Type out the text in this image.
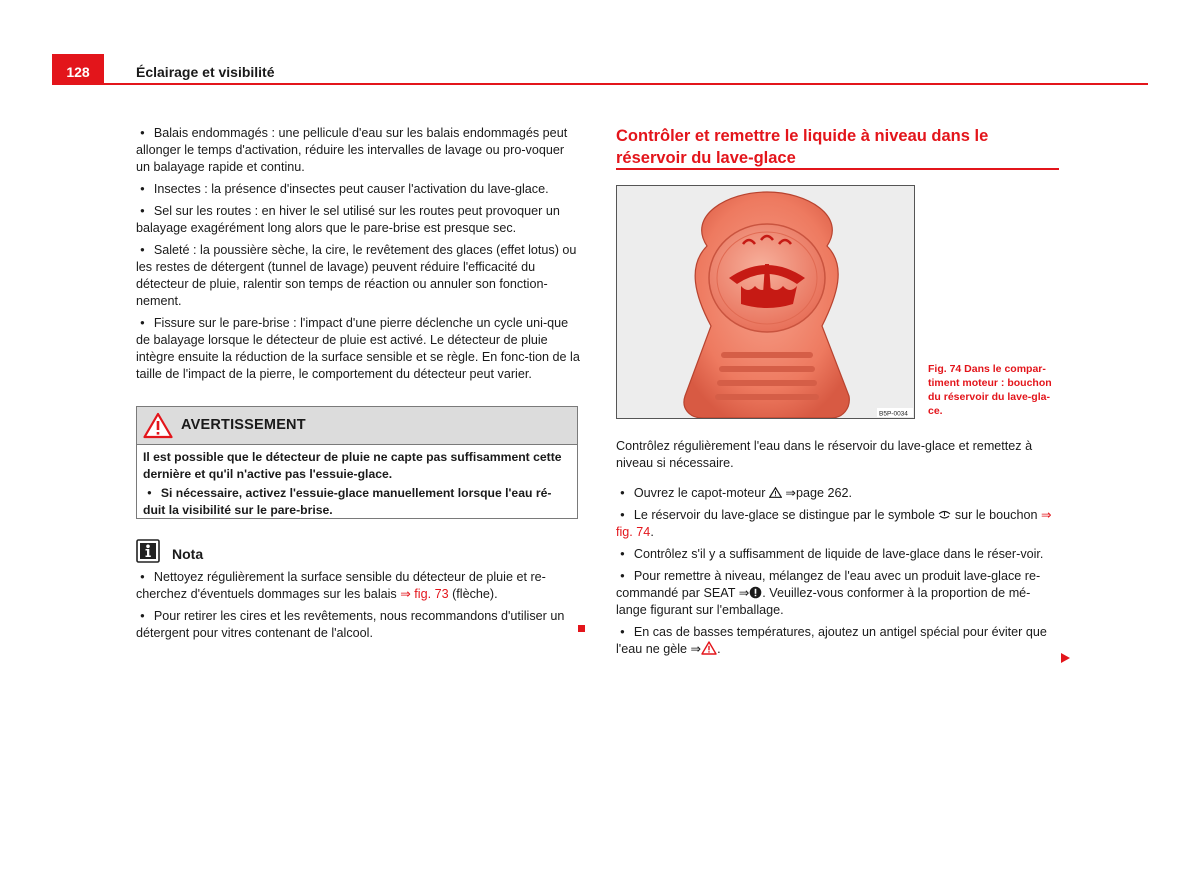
128	Éclairage et visibilité

● Balais endommagés : une pellicule d'eau sur les balais endommagés peut allonger le temps d'activation, réduire les intervalles de lavage ou pro-voquer un balayage rapide et continu.

● Insectes : la présence d'insectes peut causer l'activation du lave-glace.

● Sel sur les routes : en hiver le sel utilisé sur les routes peut provoquer un balayage exagérément long alors que le pare-brise est presque sec.

● Saleté : la poussière sèche, la cire, le revêtement des glaces (effet lotus) ou les restes de détergent (tunnel de lavage) peuvent réduire l'efficacité du détecteur de pluie, ralentir son temps de réaction ou annuler son fonction-nement.

● Fissure sur le pare-brise : l'impact d'une pierre déclenche un cycle uni-que de balayage lorsque le détecteur de pluie est activé. Le détecteur de pluie intègre ensuite la réduction de la surface sensible et se règle. En fonc-tion de la taille de l'impact de la pierre, le comportement du détecteur peut varier.

AVERTISSEMENT

Il est possible que le détecteur de pluie ne capte pas suffisamment cette dernière et qu'il n'active pas l'essuie-glace.

● Si nécessaire, activez l'essuie-glace manuellement lorsque l'eau ré-duit la visibilité sur le pare-brise.

Nota

● Nettoyez régulièrement la surface sensible du détecteur de pluie et re-cherchez d'éventuels dommages sur les balais ⇒ fig. 73 (flèche).

● Pour retirer les cires et les revêtements, nous recommandons d'utiliser un détergent pour vitres contenant de l'alcool.

Contrôler et remettre le liquide à niveau dans le réservoir du lave-glace
B5P-0034
Fig. 74 Dans le compar-timent moteur : bouchon du réservoir du lave-gla-ce.

Contrôlez régulièrement l'eau dans le réservoir du lave-glace et remettez à niveau si nécessaire.

● Ouvrez le capot-moteur  ⇒page 262.

● Le réservoir du lave-glace se distingue par le symbole  sur le bouchon ⇒ fig. 74.

● Contrôlez s'il y a suffisamment de liquide de lave-glace dans le réser-voir.

● Pour remettre à niveau, mélangez de l'eau avec un produit lave-glace re-commandé par SEAT ⇒ . Veuillez-vous conformer à la proportion de mé-lange figurant sur l'emballage.

● En cas de basses températures, ajoutez un antigel spécial pour éviter que l'eau ne gèle ⇒ .
